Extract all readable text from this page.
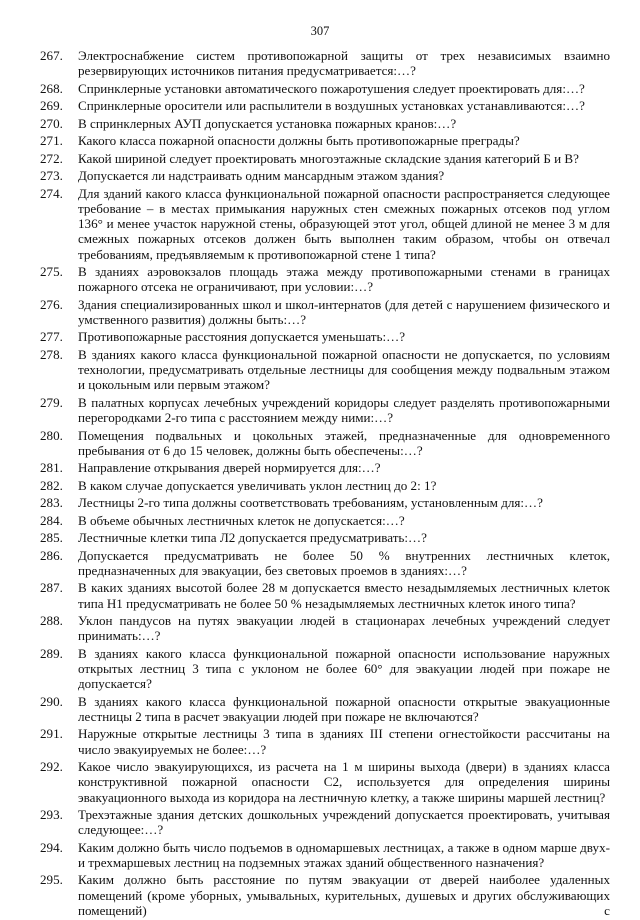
307
267.	Электроснабжение систем противопожарной защиты от трех независимых взаимно резервирующих источников питания предусматривается:…?
268.	Спринклерные установки автоматического пожаротушения следует проектировать для:…?
269.	Спринклерные оросители или распылители в воздушных установках устанавливаются:…?
270.	В спринклерных АУП допускается установка пожарных кранов:…?
271.	Какого класса пожарной опасности должны быть противопожарные преграды?
272.	Какой шириной следует проектировать многоэтажные складские здания категорий Б и В?
273.	Допускается ли надстраивать одним мансардным этажом здания?
274.	Для зданий какого класса функциональной пожарной опасности распространяется следующее требование – в местах примыкания наружных стен смежных пожарных отсеков под углом 136° и менее участок наружной стены, образующей этот угол, общей длиной не менее 3 м для смежных пожарных отсеков должен быть выполнен таким образом, чтобы он отвечал требованиям, предъявляемым к противопожарной стене 1 типа?
275.	В зданиях аэровокзалов площадь этажа между противопожарными стенами в границах пожарного отсека не ограничивают, при условии:…?
276.	Здания специализированных школ и школ-интернатов (для детей с нарушением физического и умственного развития) должны быть:…?
277.	Противопожарные расстояния допускается уменьшать:…?
278.	В зданиях какого класса функциональной пожарной опасности не допускается, по условиям технологии, предусматривать отдельные лестницы для сообщения между подвальным этажом и цокольным или первым этажом?
279.	В палатных корпусах лечебных учреждений коридоры следует разделять противопожарными перегородками 2-го типа с расстоянием между ними:…?
280.	Помещения подвальных и цокольных этажей, предназначенные для одновременного пребывания от 6 до 15 человек, должны быть обеспечены:…?
281.	Направление открывания дверей нормируется для:…?
282.	В каком случае допускается увеличивать уклон лестниц до 2: 1?
283.	Лестницы 2-го типа должны соответствовать требованиям, установленным для:…?
284.	В объеме обычных лестничных клеток не допускается:…?
285.	Лестничные клетки типа Л2 допускается предусматривать:…?
286.	Допускается предусматривать не более 50 % внутренних лестничных клеток, предназначенных для эвакуации, без световых проемов в зданиях:…?
287.	В каких зданиях высотой более 28 м допускается вместо незадымляемых лестничных клеток типа Н1 предусматривать не более 50 % незадымляемых лестничных клеток иного типа?
288.	Уклон пандусов на путях эвакуации людей в стационарах лечебных учреждений следует принимать:…?
289.	В зданиях какого класса функциональной пожарной опасности использование наружных открытых лестниц 3 типа с уклоном не более 60° для эвакуации людей при пожаре не допускается?
290.	В зданиях какого класса функциональной пожарной опасности открытые эвакуационные лестницы 2 типа в расчет эвакуации людей при пожаре не включаются?
291.	Наружные открытые лестницы 3 типа в зданиях III степени огнестойкости рассчитаны на число эвакуируемых не более:…?
292.	Какое число эвакуирующихся, из расчета на 1 м ширины выхода (двери) в зданиях класса конструктивной пожарной опасности С2, используется для определения ширины эвакуационного выхода из коридора на лестничную клетку, а также ширины маршей лестниц?
293.	Трехэтажные здания детских дошкольных учреждений допускается проектировать, учитывая следующее:…?
294.	Каким должно быть число подъемов в одномаршевых лестницах, а также в одном марше двух- и трехмаршевых лестниц на подземных этажах зданий общественного назначения?
295.	Каким должно быть расстояние по путям эвакуации от дверей наиболее удаленных помещений (кроме уборных, умывальных, курительных, душевых и других обслуживающих помещений) с
